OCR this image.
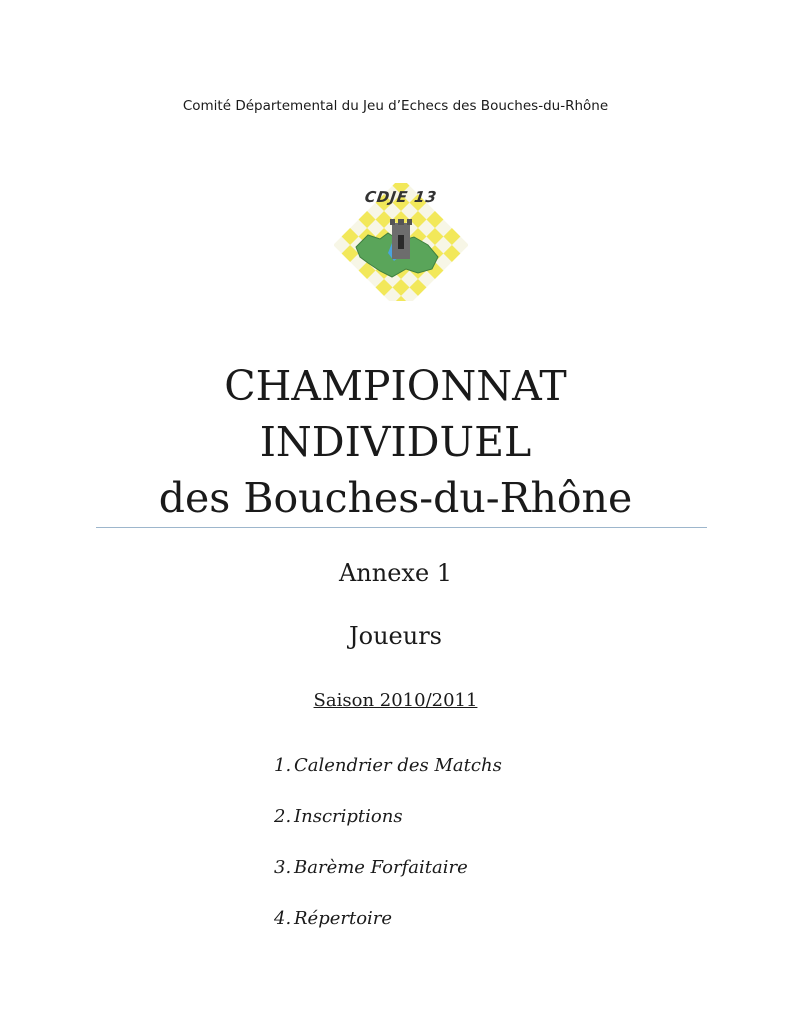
Comité Départemental du Jeu d’Echecs des Bouches-du-Rhône
CDJE 13
CHAMPIONNAT
INDIVIDUEL
des Bouches-du-Rhône
Annexe 1
Joueurs
Saison 2010/2011
1. Calendrier des Matchs
2. Inscriptions
3. Barème Forfaitaire
4. Répertoire
